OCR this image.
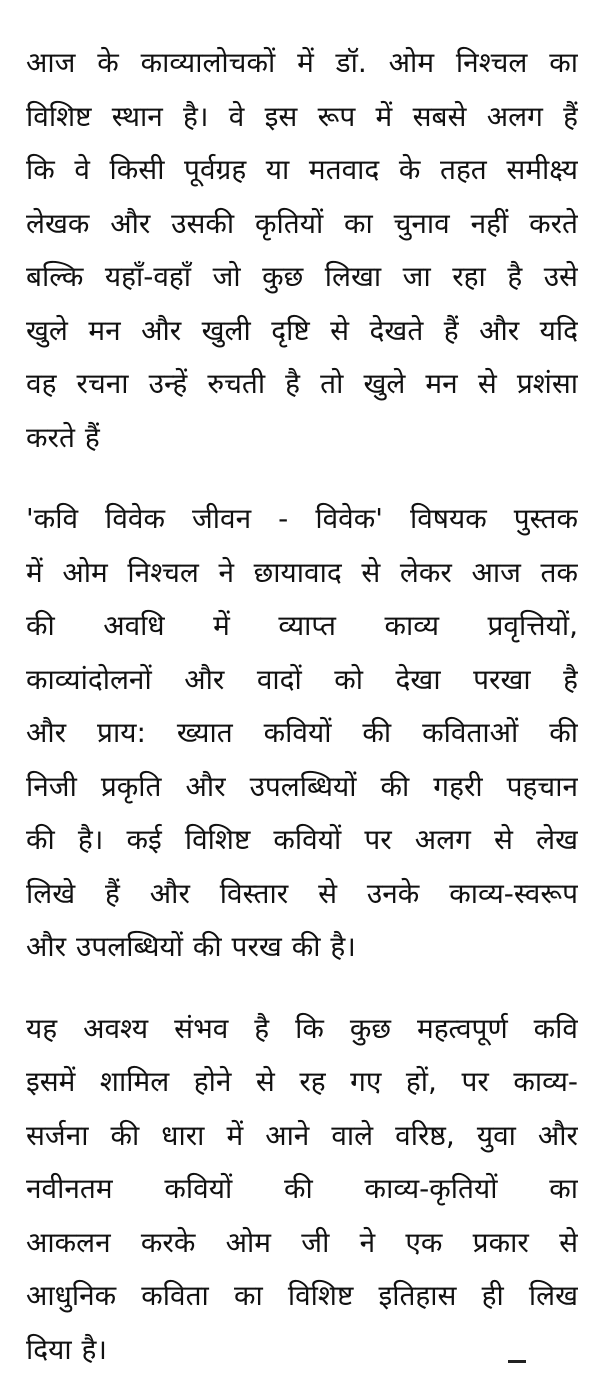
आज के काव्यालोचकों में डॉ. ओम निश्चल का
विशिष्ट स्थान है। वे इस रूप में सबसे अलग हैं
कि वे किसी पूर्वग्रह या मतवाद के तहत समीक्ष्य
लेखक और उसकी कृतियों का चुनाव नहीं करते
बल्कि यहाँ-वहाँ जो कुछ लिखा जा रहा है उसे
खुले मन और खुली दृष्टि से देखते हैं और यदि
वह रचना उन्हें रुचती है तो खुले मन से प्रशंसा
करते हैं

'कवि विवेक जीवन - विवेक' विषयक पुस्तक
में ओम निश्चल ने छायावाद से लेकर आज तक
की अवधि में व्याप्त काव्य प्रवृत्तियों,
काव्यांदोलनों और वादों को देखा परखा है
और प्राय: ख्यात कवियों की कविताओं की
निजी प्रकृति और उपलब्धियों की गहरी पहचान
की है। कई विशिष्ट कवियों पर अलग से लेख
लिखे हैं और विस्तार से उनके काव्य-स्वरूप
और उपलब्धियों की परख की है।

यह अवश्य संभव है कि कुछ महत्वपूर्ण कवि
इसमें शामिल होने से रह गए हों, पर काव्य-
सर्जना की धारा में आने वाले वरिष्ठ, युवा और
नवीनतम कवियों की काव्य-कृतियों का
आकलन करके ओम जी ने एक प्रकार से
आधुनिक कविता का विशिष्ट इतिहास ही लिख
दिया है।
